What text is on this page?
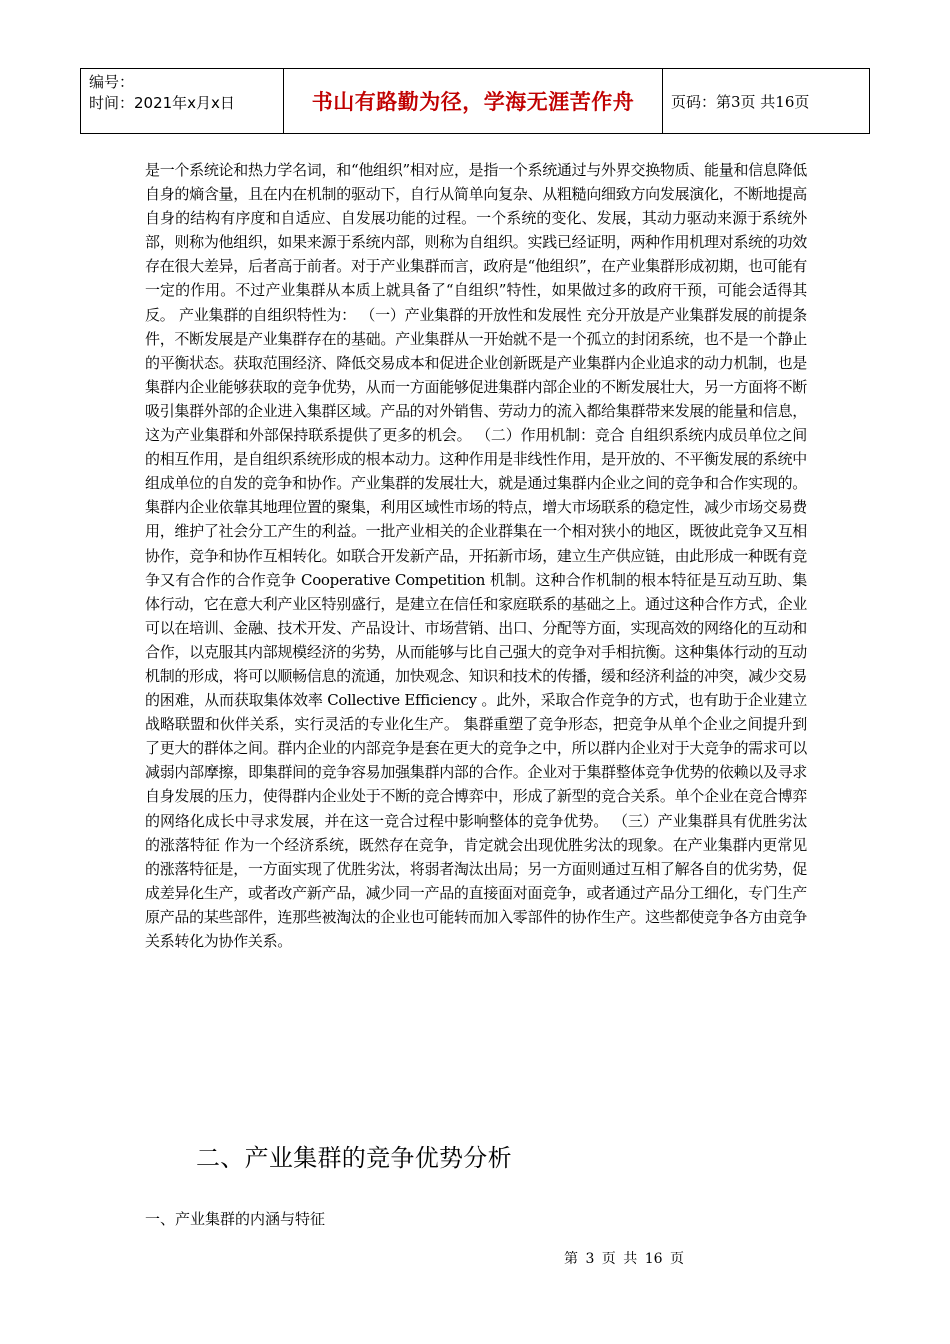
编号：
时间：2021年x月x日	书山有路勤为径，学海无涯苦作舟	页码：第3页 共16页

是一个系统论和热力学名词，和“他组织”相对应，是指一个系统通过与外界交换物质、能量和信息降低自身的熵含量，且在内在机制的驱动下，自行从简单向复杂、从粗糙向细致方向发展演化，不断地提高自身的结构有序度和自适应、自发展功能的过程。一个系统的变化、发展，其动力驱动来源于系统外部，则称为他组织，如果来源于系统内部，则称为自组织。实践已经证明，两种作用机理对系统的功效存在很大差异，后者高于前者。对于产业集群而言，政府是“他组织”，在产业集群形成初期，也可能有一定的作用。不过产业集群从本质上就具备了“自组织”特性，如果做过多的政府干预，可能会适得其反。 产业集群的自组织特性为： （一）产业集群的开放性和发展性 充分开放是产业集群发展的前提条件，不断发展是产业集群存在的基础。产业集群从一开始就不是一个孤立的封闭系统，也不是一个静止的平衡状态。获取范围经济、降低交易成本和促进企业创新既是产业集群内企业追求的动力机制，也是集群内企业能够获取的竞争优势，从而一方面能够促进集群内部企业的不断发展壮大，另一方面将不断吸引集群外部的企业进入集群区域。产品的对外销售、劳动力的流入都给集群带来发展的能量和信息，这为产业集群和外部保持联系提供了更多的机会。 （二）作用机制：竞合 自组织系统内成员单位之间的相互作用，是自组织系统形成的根本动力。这种作用是非线性作用，是开放的、不平衡发展的系统中组成单位的自发的竞争和协作。产业集群的发展壮大，就是通过集群内企业之间的竞争和合作实现的。 集群内企业依靠其地理位置的聚集，利用区域性市场的特点，增大市场联系的稳定性，减少市场交易费用，维护了社会分工产生的利益。一批产业相关的企业群集在一个相对狭小的地区，既彼此竞争又互相协作，竞争和协作互相转化。如联合开发新产品，开拓新市场，建立生产供应链，由此形成一种既有竞争又有合作的合作竞争 Cooperative Competition 机制。这种合作机制的根本特征是互动互助、集体行动，它在意大利产业区特别盛行，是建立在信任和家庭联系的基础之上。通过这种合作方式，企业可以在培训、金融、技术开发、产品设计、市场营销、出口、分配等方面，实现高效的网络化的互动和合作，以克服其内部规模经济的劣势，从而能够与比自己强大的竞争对手相抗衡。这种集体行动的互动机制的形成，将可以顺畅信息的流通，加快观念、知识和技术的传播，缓和经济利益的冲突，减少交易的困难，从而获取集体效率 Collective Efficiency 。此外，采取合作竞争的方式，也有助于企业建立战略联盟和伙伴关系，实行灵活的专业化生产。 集群重塑了竞争形态，把竞争从单个企业之间提升到了更大的群体之间。群内企业的内部竞争是套在更大的竞争之中，所以群内企业对于大竞争的需求可以减弱内部摩擦，即集群间的竞争容易加强集群内部的合作。企业对于集群整体竞争优势的依赖以及寻求自身发展的压力，使得群内企业处于不断的竞合博弈中，形成了新型的竞合关系。单个企业在竞合博弈的网络化成长中寻求发展，并在这一竞合过程中影响整体的竞争优势。 （三）产业集群具有优胜劣汰的涨落特征 作为一个经济系统，既然存在竞争，肯定就会出现优胜劣汰的现象。在产业集群内更常见的涨落特征是，一方面实现了优胜劣汰，将弱者淘汰出局；另一方面则通过互相了解各自的优劣势，促成差异化生产，或者改产新产品，减少同一产品的直接面对面竞争，或者通过产品分工细化，专门生产原产品的某些部件，连那些被淘汰的企业也可能转而加入零部件的协作生产。这些都使竞争各方由竞争关系转化为协作关系。

二、产业集群的竞争优势分析
一、产业集群的内涵与特征
第 3 页 共 16 页
